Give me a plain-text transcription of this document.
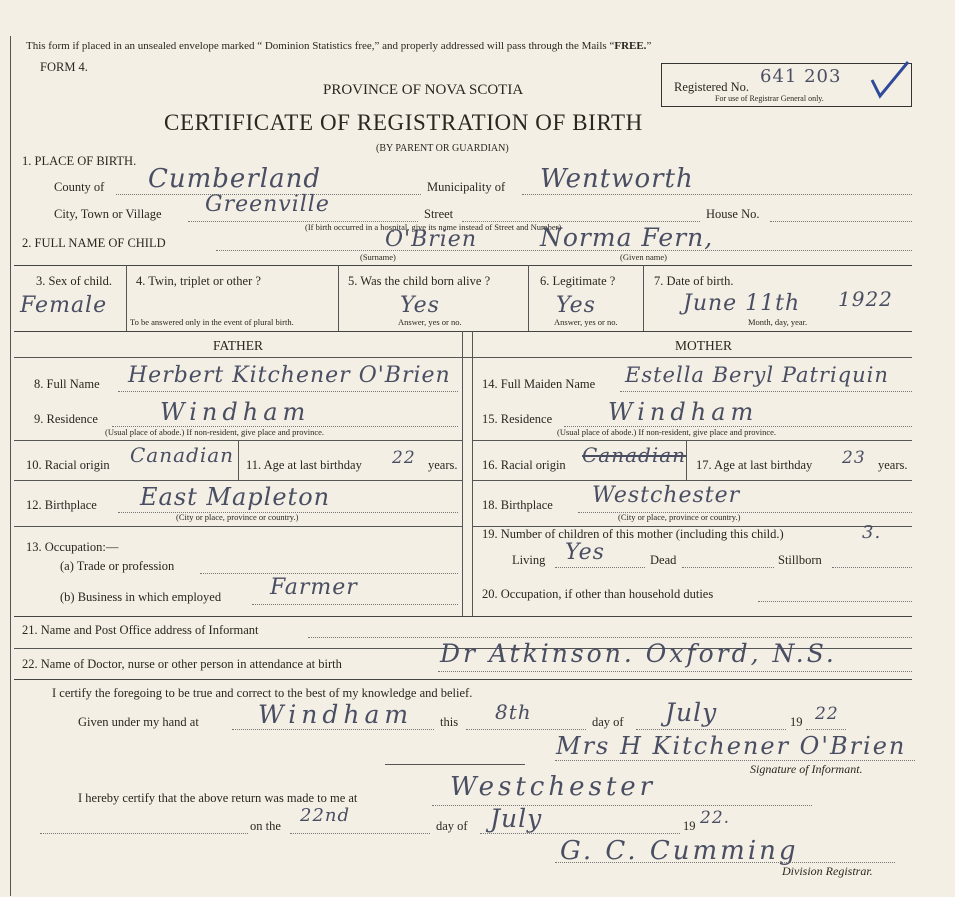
This form if placed in an unsealed envelope marked “ Dominion Statistics free,” and properly addressed will pass through the Mails “FREE.”
FORM 4.
PROVINCE OF NOVA SCOTIA
CERTIFICATE OF REGISTRATION OF BIRTH
(BY PARENT OR GUARDIAN)
Registered No. 641 203
For use of Registrar General only.
1. PLACE OF BIRTH.
County of Cumberland	Municipality of Wentworth
City, Town or Village Greenville	Street	House No.
(If birth occurred in a hospital, give its name instead of Street and Number)
2. FULL NAME OF CHILD	O'Brien	Norma Fern,
(Surname)	(Given name)
3. Sex of child.
Female
4. Twin, triplet or other ?
To be answered only in the event of plural birth.
5. Was the child born alive ?
Yes
Answer, yes or no.
6. Legitimate ?
Yes
Answer, yes or no.
7. Date of birth.
June 11th 1922
Month, day, year.
FATHER	MOTHER
8. Full Name Herbert Kitchener O'Brien
9. Residence	Windham
(Usual place of abode.) If non-resident, give place and province.
10. Racial origin Canadian 11. Age at last birthday 22 years.
12. Birthplace East Mapleton
(City or place, province or country.)
13. Occupation:—
(a) Trade or profession
(b) Business in which employed Farmer
14. Full Maiden Name Estella Beryl Patriquin
15. Residence Windham
(Usual place of abode.) If non-resident, give place and province.
16. Racial origin Canadian 17. Age at last birthday 23 years.
18. Birthplace Westchester
(City or place, province or country.)
19. Number of children of this mother (including this child.)	3.
Living Yes	Dead	Stillborn
20. Occupation, if other than household duties
21. Name and Post Office address of Informant
22. Name of Doctor, nurse or other person in attendance at birth	Dr Atkinson. Oxford, N.S.
I certify the foregoing to be true and correct to the best of my knowledge and belief.
Given under my hand at Windham this 8th	day of July	19 22
Mrs H Kitchener O'Brien
Signature of Informant.
I hereby certify that the above return was made to me at	Westchester
on the 22nd	day of July	19 22.
G. C. Cumming
Division Registrar.
